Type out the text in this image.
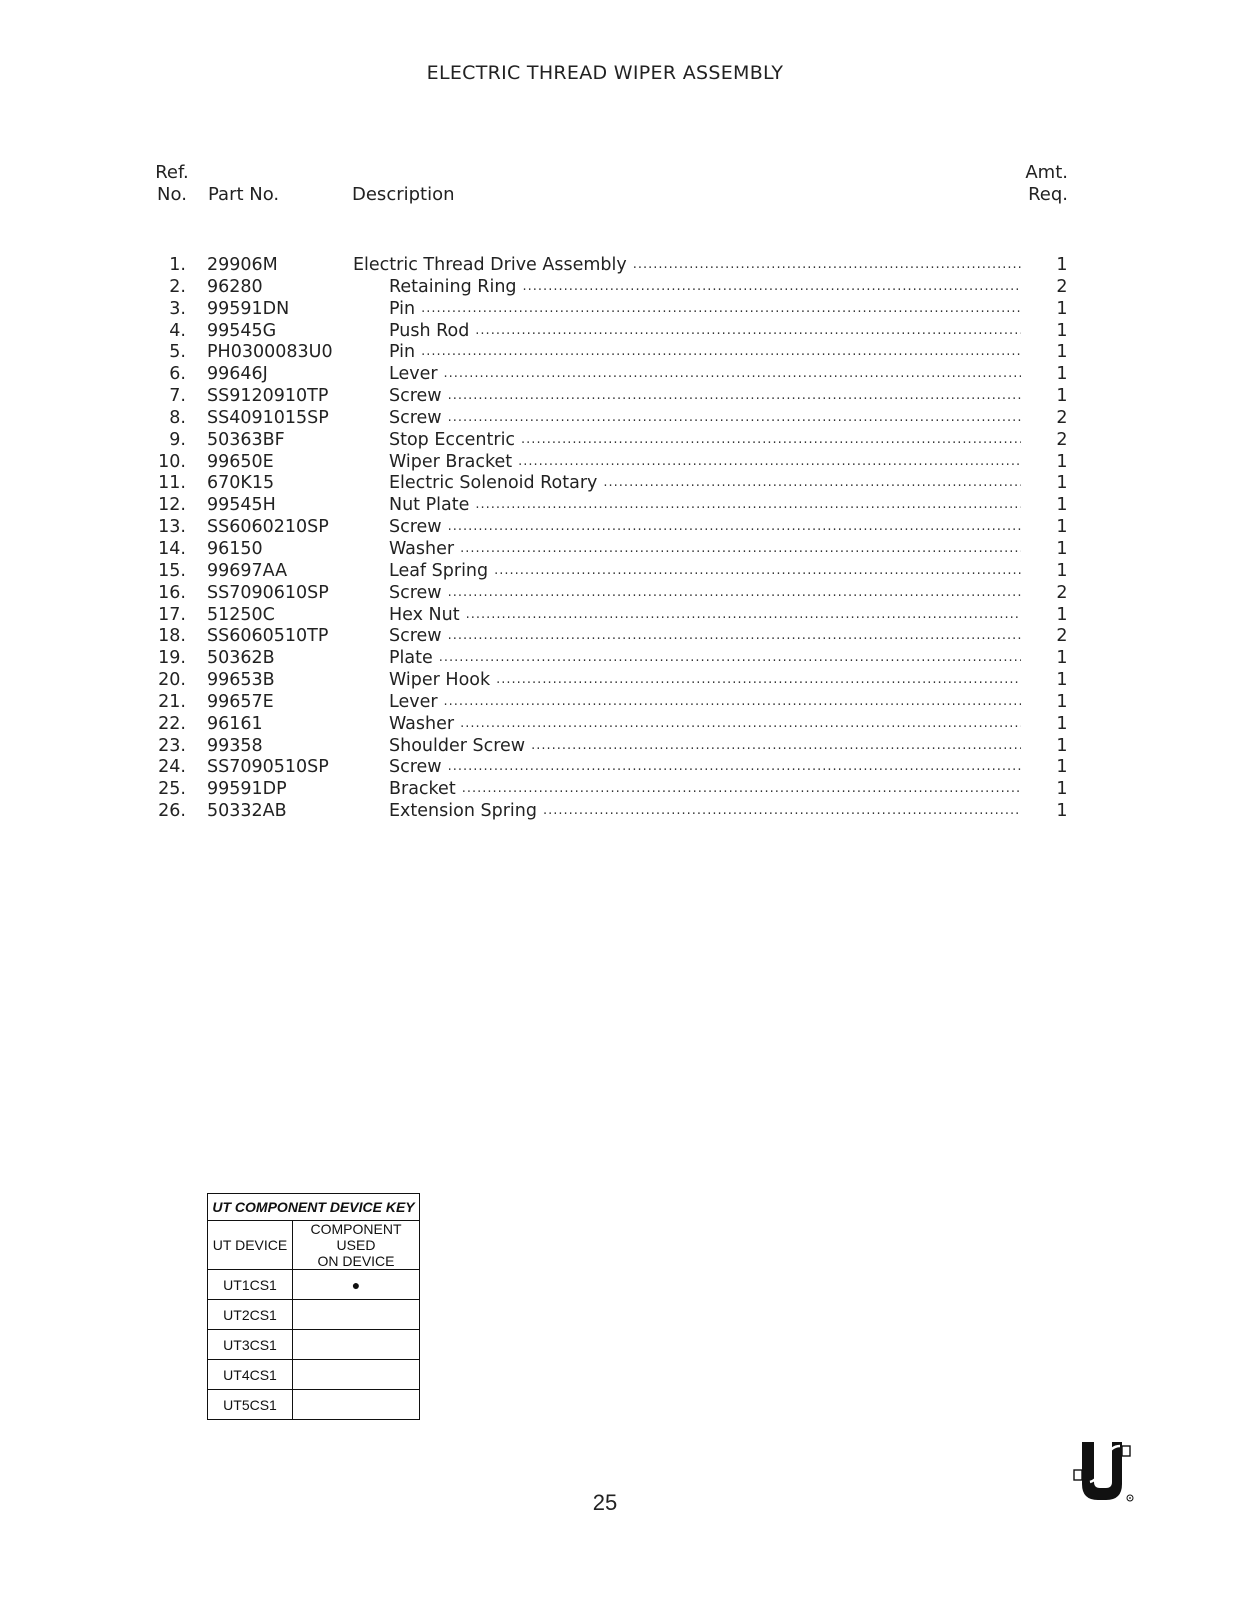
ELECTRIC THREAD WIPER ASSEMBLY
Ref.
No. Part No.	Description
Amt.
Req.
1. 29906M	Electric Thread Drive Assembly .....	1
2. 96280	Retaining Ring .....	2
3. 99591DN	Pin .....	1
4. 99545G	Push Rod .....	1
5. PH0300083U0	Pin .....	1
6. 99646J	Lever .....	1
7. SS9120910TP	Screw .....	1
8. SS4091015SP	Screw .....	2
9. 50363BF	Stop Eccentric .....	2
10. 99650E	Wiper Bracket .....	1
11. 670K15	Electric Solenoid Rotary .....	1
12. 99545H	Nut Plate .....	1
13. SS6060210SP	Screw .....	1
14. 96150	Washer .....	1
15. 99697AA	Leaf Spring .....	1
16. SS7090610SP	Screw .....	2
17. 51250C	Hex Nut .....	1
18. SS6060510TP	Screw .....	2
19. 50362B	Plate .....	1
20. 99653B	Wiper Hook .....	1
21. 99657E	Lever .....	1
22. 96161	Washer .....	1
23. 99358	Shoulder Screw .....	1
24. SS7090510SP	Screw .....	1
25. 99591DP	Bracket .....	1
26. 50332AB	Extension Spring .....	1
UT COMPONENT DEVICE KEY	
UT DEVICE	COMPONENT USED
ON DEVICE

UT1CS1	●
UT2CS1	
UT3CS1	
UT4CS1	
UT5CS1	
25
